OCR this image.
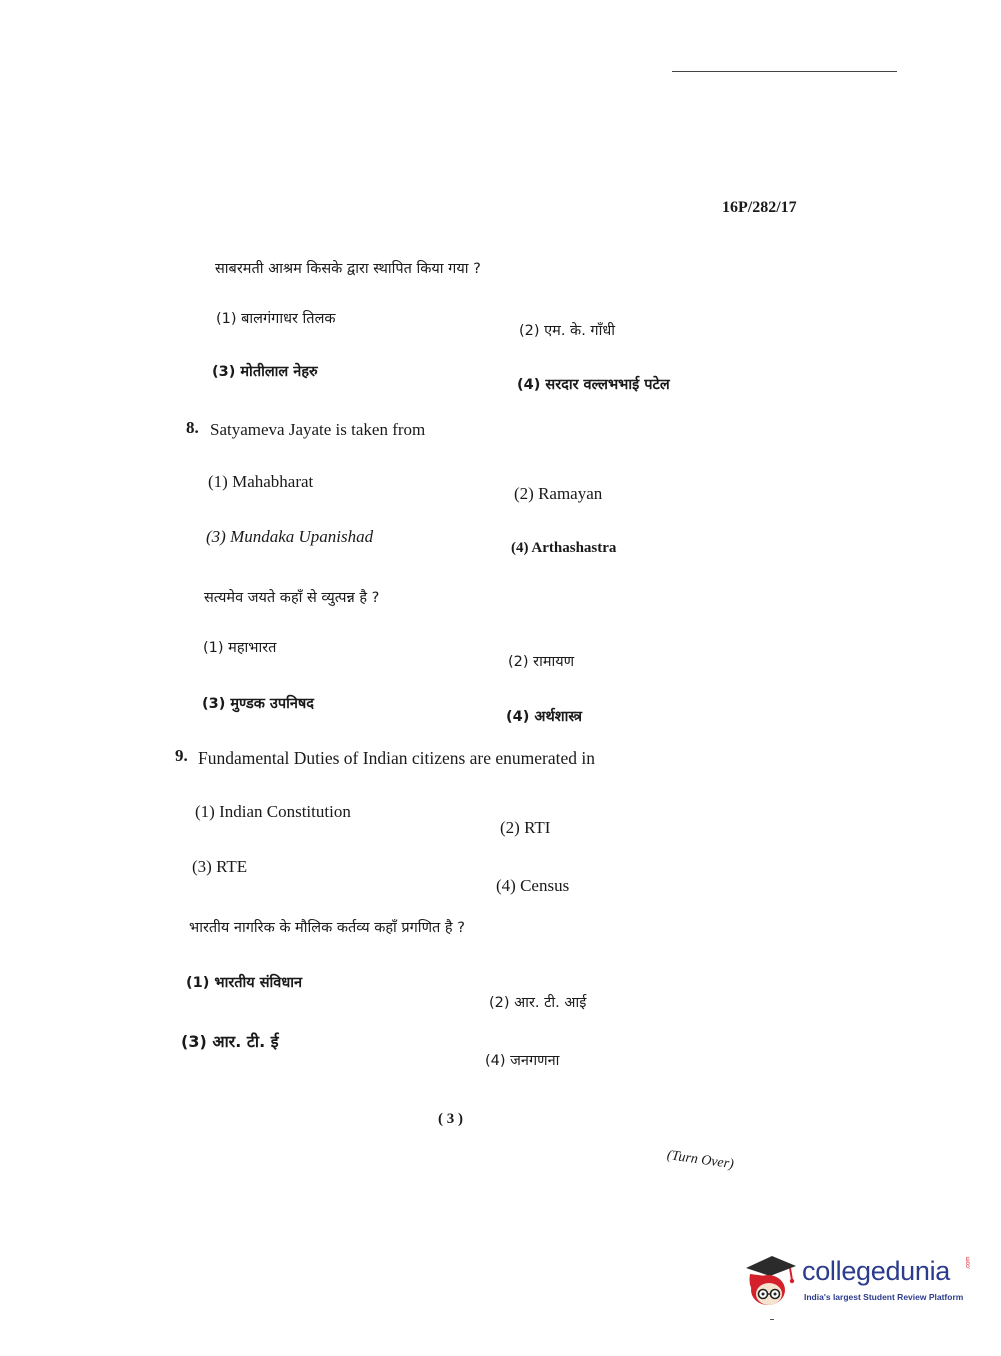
16P/282/17
साबरमती आश्रम किसके द्वारा स्थापित किया गया ?
(1) बालगंगाधर तिलक
(2) एम. के. गाँधी
(3) मोतीलाल नेहरु
(4) सरदार वल्लभभाई पटेल
8. Satyameva Jayate is taken from
(1) Mahabharat
(2) Ramayan
(3) Mundaka Upanishad
(4) Arthashastra
सत्यमेव जयते कहाँ से व्युत्पन्न है ?
(1) महाभारत
(2) रामायण
(3) मुण्डक उपनिषद
(4) अर्थशास्त्र
9. Fundamental Duties of Indian citizens are enumerated in
(1) Indian Constitution
(2) RTI
(3) RTE
(4) Census
भारतीय नागरिक के मौलिक कर्तव्य कहाँ प्रगणित है ?
(1) भारतीय संविधान
(2) आर. टी. आई
(3) आर. टी. ई
(4) जनगणना
( 3 )
(Turn Over)
collegedunia	.com
India's largest Student Review Platform
